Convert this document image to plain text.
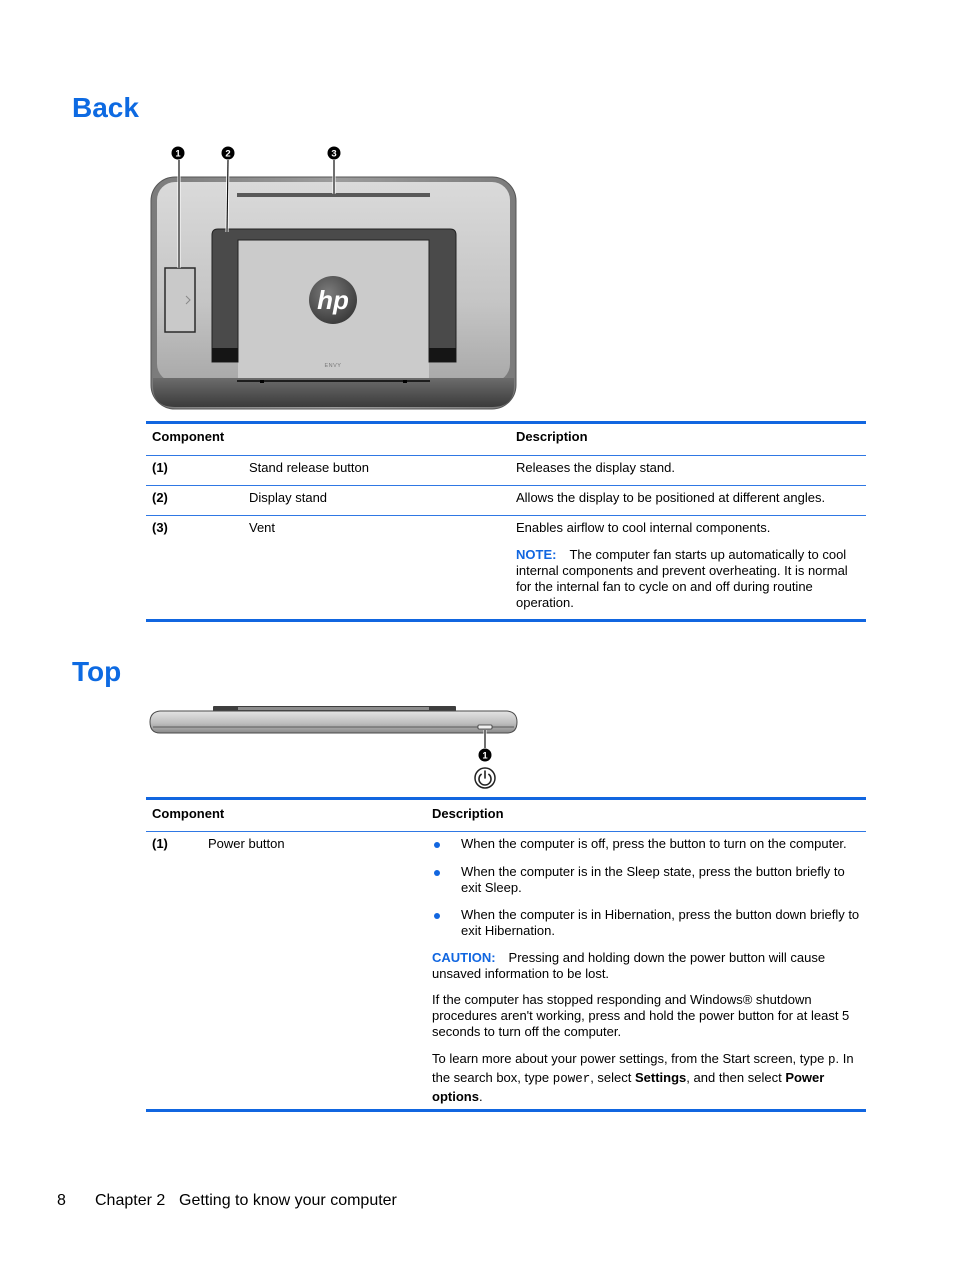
Back
hp
ENVY
1	2	3
Component	Description
(1)	Stand release button	Releases the display stand.
(2)	Display stand	Allows the display to be positioned at different angles.
(3)	Vent	Enables airflow to cool internal components.
NOTE: The computer fan starts up automatically to cool internal components and prevent overheating. It is normal for the internal fan to cycle on and off during routine operation.
Top
1
Component	Description
(1)	Power button	When the computer is off, press the button to turn on the computer.
When the computer is in the Sleep state, press the button briefly to exit Sleep.
When the computer is in Hibernation, press the button down briefly to exit Hibernation.
CAUTION: Pressing and holding down the power button will cause unsaved information to be lost.
If the computer has stopped responding and Windows® shutdown procedures aren't working, press and hold the power button for at least 5 seconds to turn off the computer.
To learn more about your power settings, from the Start screen, type p. In the search box, type power, select Settings, and then select Power options.
8 Chapter 2 Getting to know your computer
